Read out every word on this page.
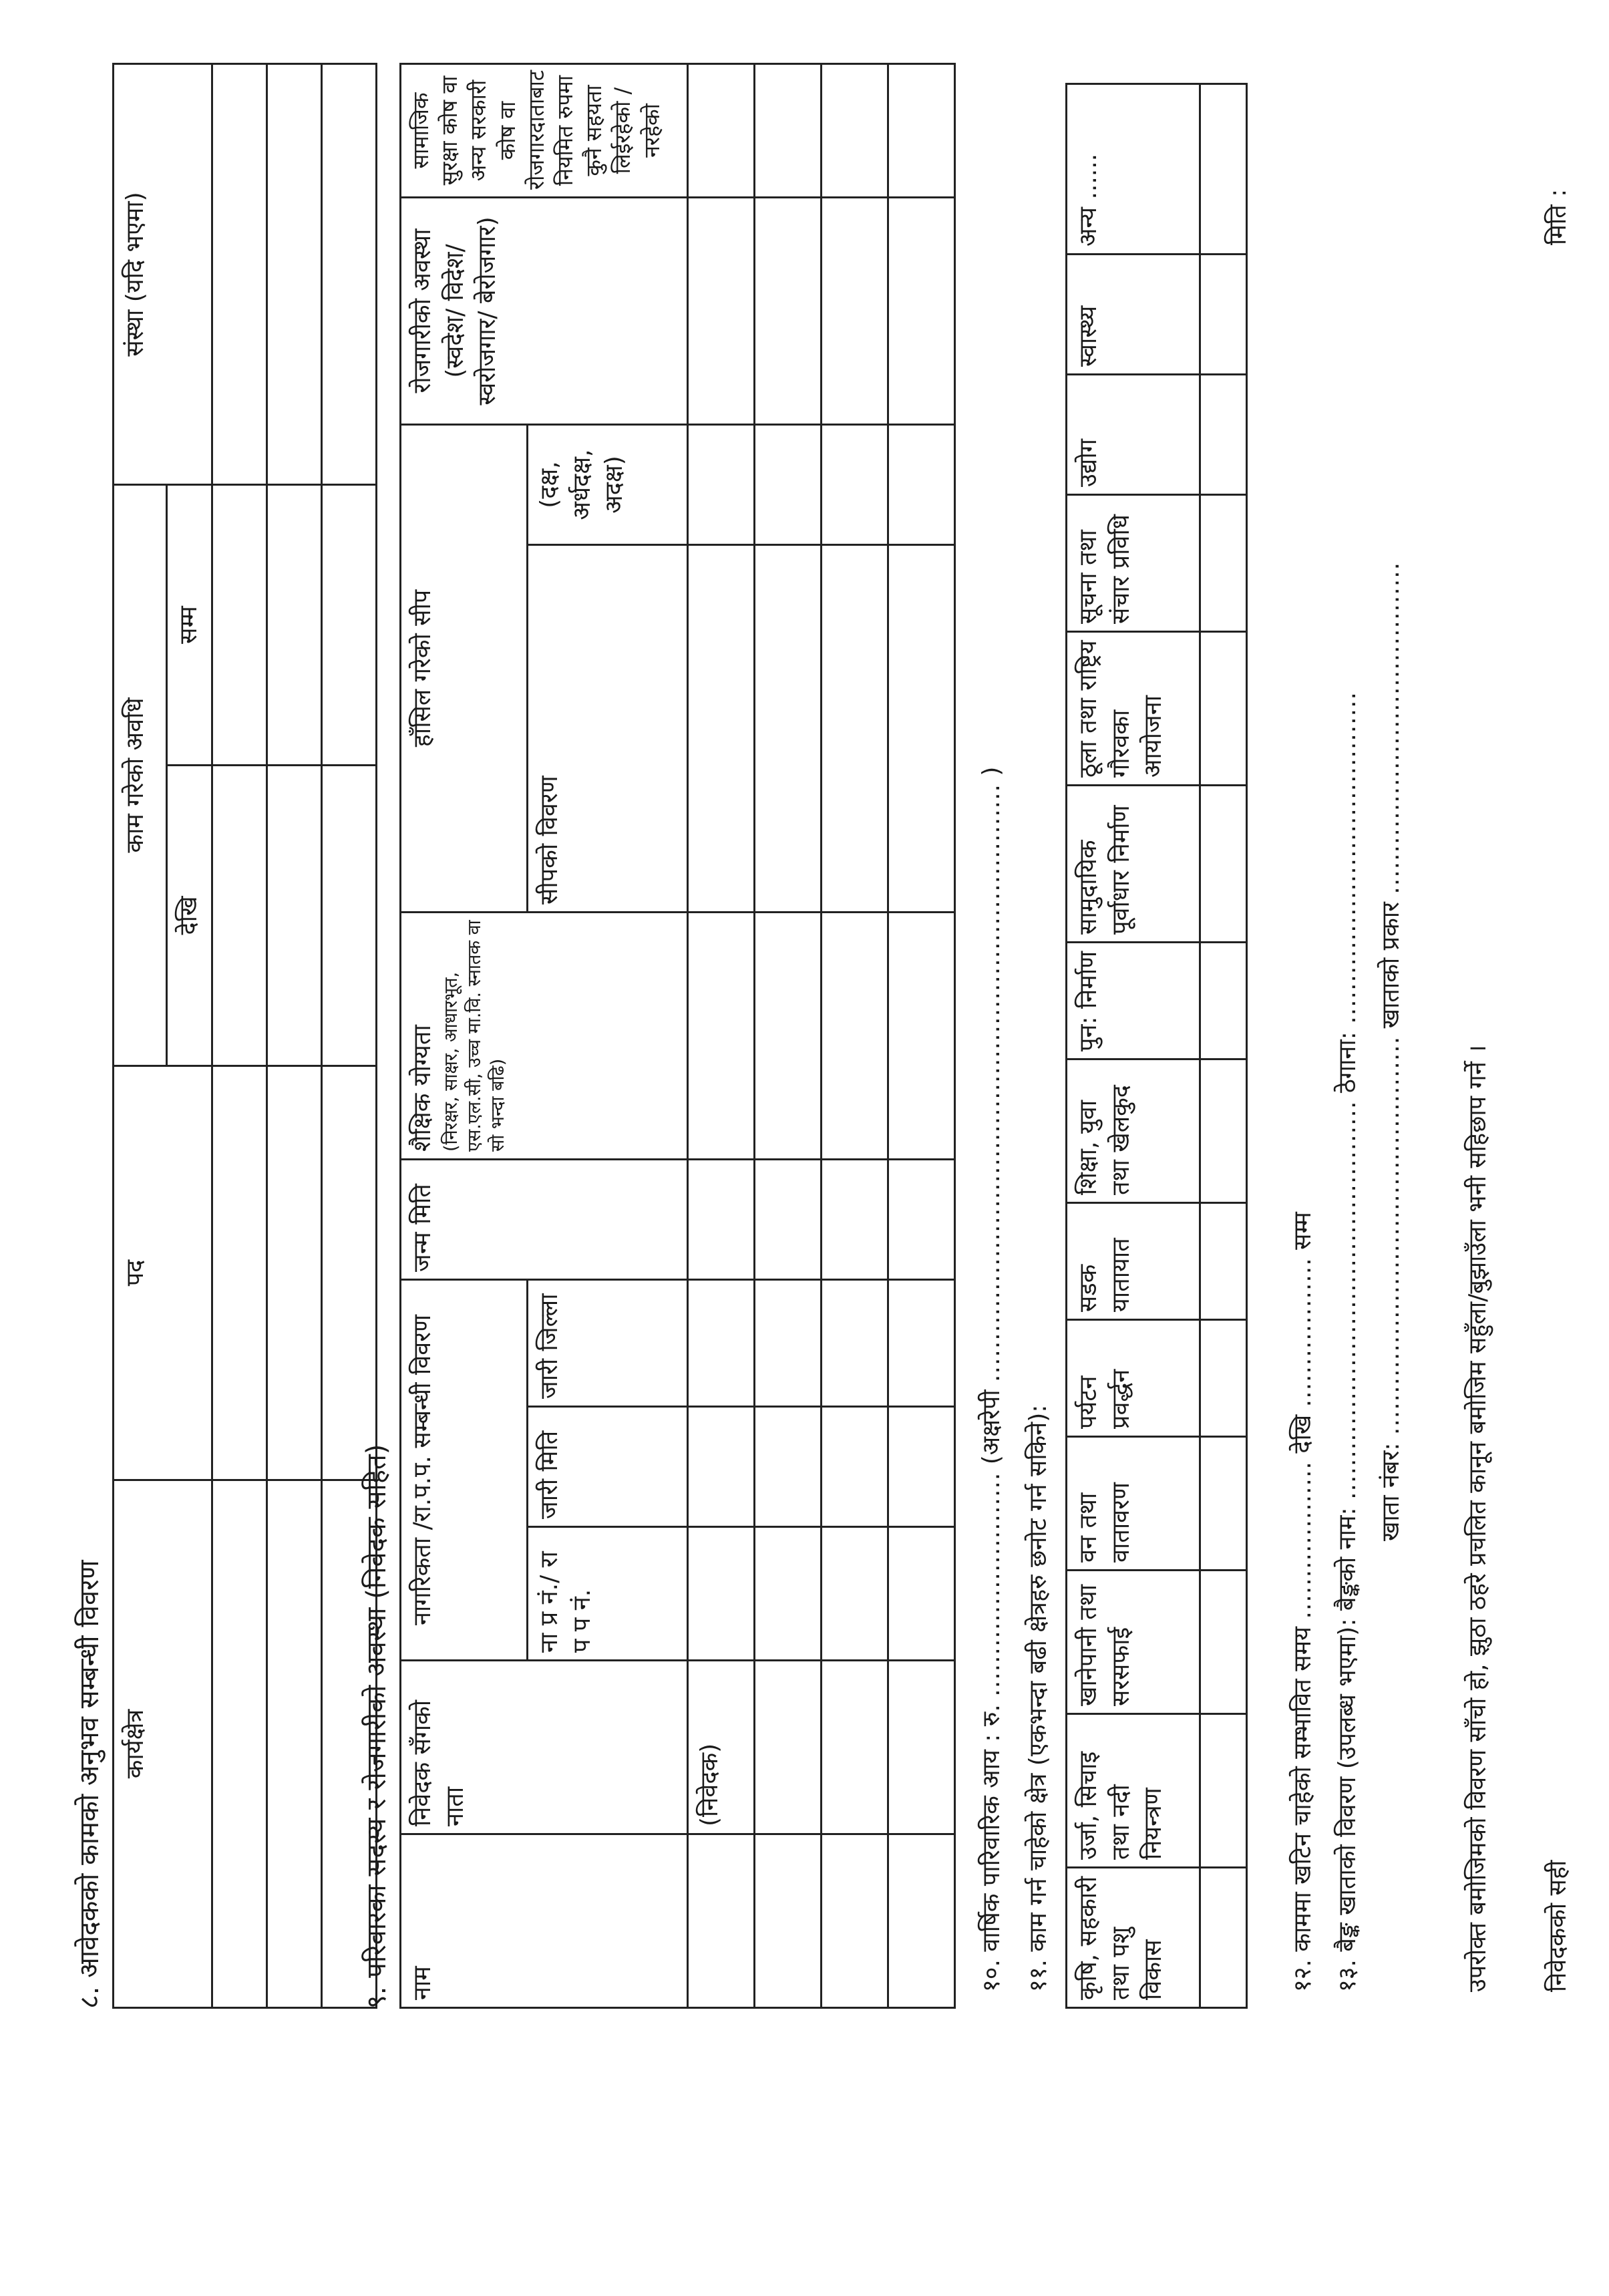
८. आवेदकको कामको अनुभव सम्बन्धी विवरण कार्यक्षेत्र	पद	काम गरेको अवधि		संस्था (यदि भएमा)
		देखि	सम्म	

९. परिवारका सदस्य र रोजगारीको अवस्था (निवेदक सहित) नाम	निवेदक सँगको नाता	नागरिकता /रा.प.प. सम्बन्धी विवरण			जन्म मिति	शैक्षिक योग्यता (निरक्षर, साक्षर, आधारभूत, एस.एल.सी, उच्च मा.वि. स्नातक वा सो भन्दा बढि)	हाँसिल गरेको सीप		रोजगारीको अवस्था (स्वदेश/ विदेश/स्वरोजगार/ बेरोजगार)	सामाजिक सुरक्षा कोष वा अन्य सरकारी कोष वा रोजगारदाताबाट नियमित रुपमा कुनै सहयता लिईरहेको / नरहेको
		ना प्र नं./ रा प प नं.	जारी मिति	जारी जिल्ला			सीपको विवरण	(दक्ष, अर्धदक्ष, अदक्ष)		
	(निवेदक)									

											१०. वार्षिक पारिवारिक आय : रु. ........................... (अक्षरेपी ........................................................................ )
११. काम गर्न चाहेको क्षेत्र (एकभन्दा बढी क्षेत्रहरु छनोट गर्न सकिने): कृषि, सहकारी तथा पशु विकास	उर्जा, सिचाइ तथा नदी नियन्त्रण	खानेपानी तथा सरसफाई	वन तथा वातावरण	पर्यटन प्रवर्द्धन	सडक यातायात	शिक्षा, युवा तथा खेलकुद	पुन: निर्माण	सामुदायिक पूर्वाधार निर्माण	ठूला तथा राष्ट्रिय गौरवका आयोजना	सूचना तथा संचार प्रविधि	उद्योग	स्वास्थ्य	अन्य ......

१२. काममा खटिन चाहेको सम्भावित समय ................... देखि .................. सम्म
१३. बैङ्क खाताको विवरण (उपलब्ध भएमा): बैङ्कको नाम: ................................................ ठेगाना: ........................................
खाता नंबर: ................................................ खाताको प्रकार ........................................
उपरोक्त बमोजिमको विवरण साँचो हो, झुठा ठहरे प्रचलित कानून बमोजिम सहुँला/बुझाउँला भनी सहिछाप गर्ने । निवेदकको सही
मिति :
